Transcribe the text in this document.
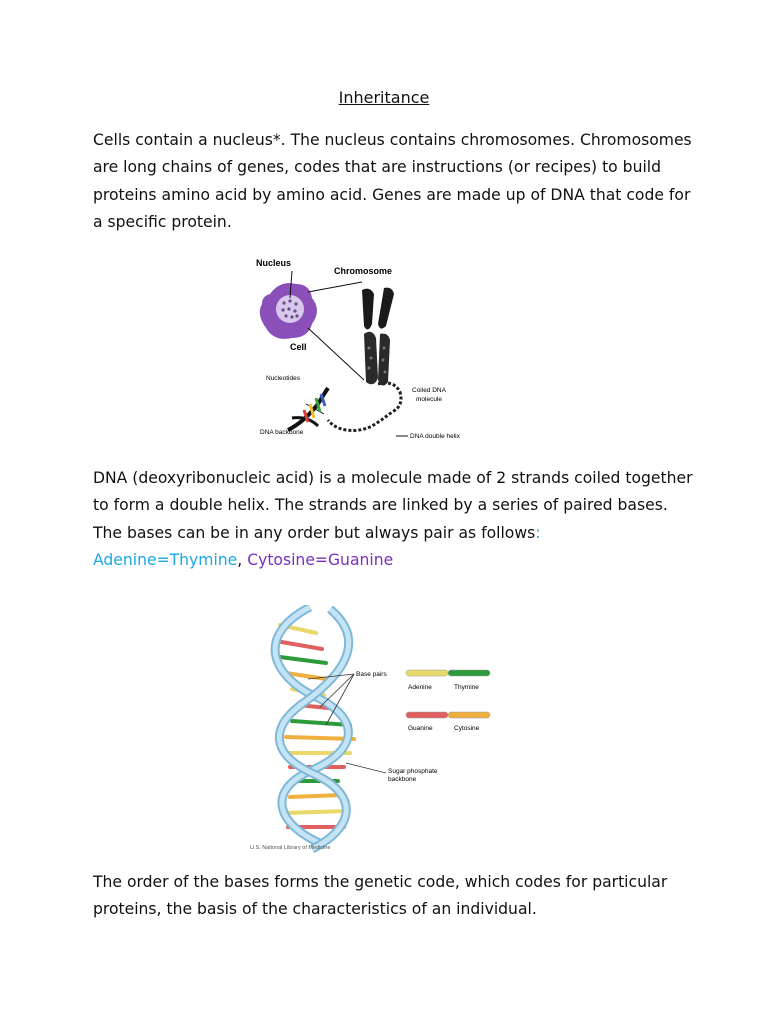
Inheritance
Cells contain a nucleus*. The nucleus contains chromosomes. Chromosomes are long chains of genes, codes that are instructions (or recipes) to build proteins amino acid by amino acid. Genes are made up of DNA that code for a specific protein.
Nucleus
Chromosome
Cell
Nucleotides
Coiled DNA
molecule
DNA backbone
DNA double helix
DNA (deoxyribonucleic acid) is a molecule made of 2 strands coiled together to form a double helix. The strands are linked by a series of paired bases. The bases can be in any order but always pair as follows: Adenine=Thymine, Cytosine=Guanine
Base pairs
Adenine	Thymine
Guanine	Cytosine
Sugar phosphate
backbone
U.S. National Library of Medicine
The order of the bases forms the genetic code, which codes for particular proteins, the basis of the characteristics of an individual.
